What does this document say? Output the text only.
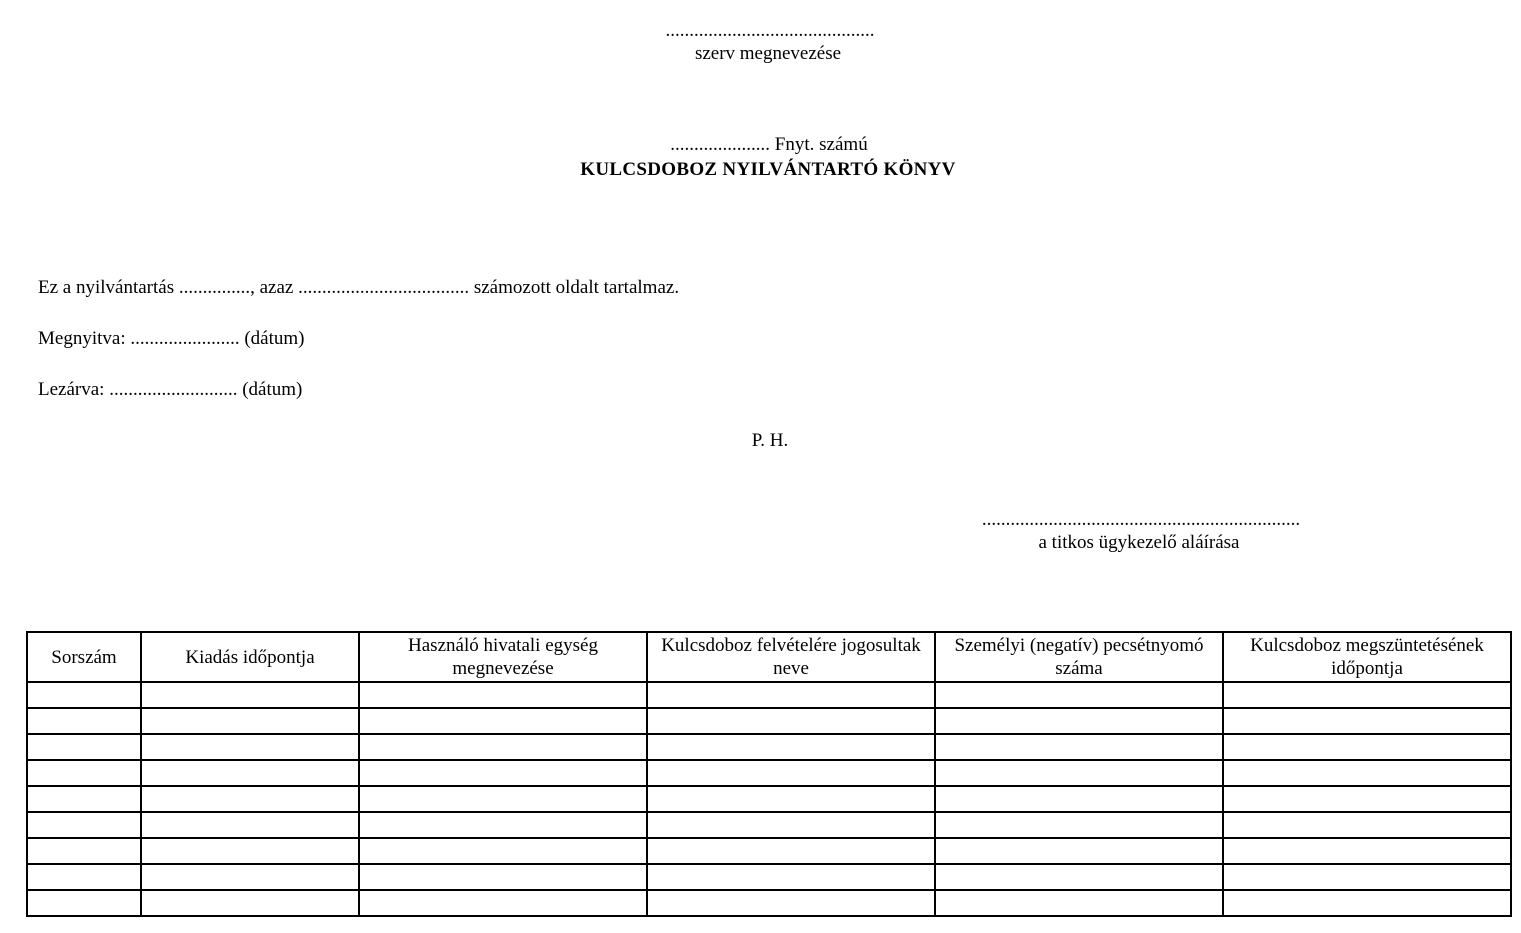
............................................
szerv megnevezése
..................... Fnyt. számú
KULCSDOBOZ NYILVÁNTARTÓ KÖNYV
Ez a nyilvántartás ..............., azaz .................................... számozott oldalt tartalmaz.
Megnyitva: ....................... (dátum)
Lezárva: ........................... (dátum)
P. H.
...................................................................
a titkos ügykezelő aláírása
Sorszám	Kiadás időpontja	Használó hivatali egység megnevezése	Kulcsdoboz felvételére jogosultak neve	Személyi (negatív) pecsétnyomó száma	Kulcsdoboz megszüntetésének időpontja
